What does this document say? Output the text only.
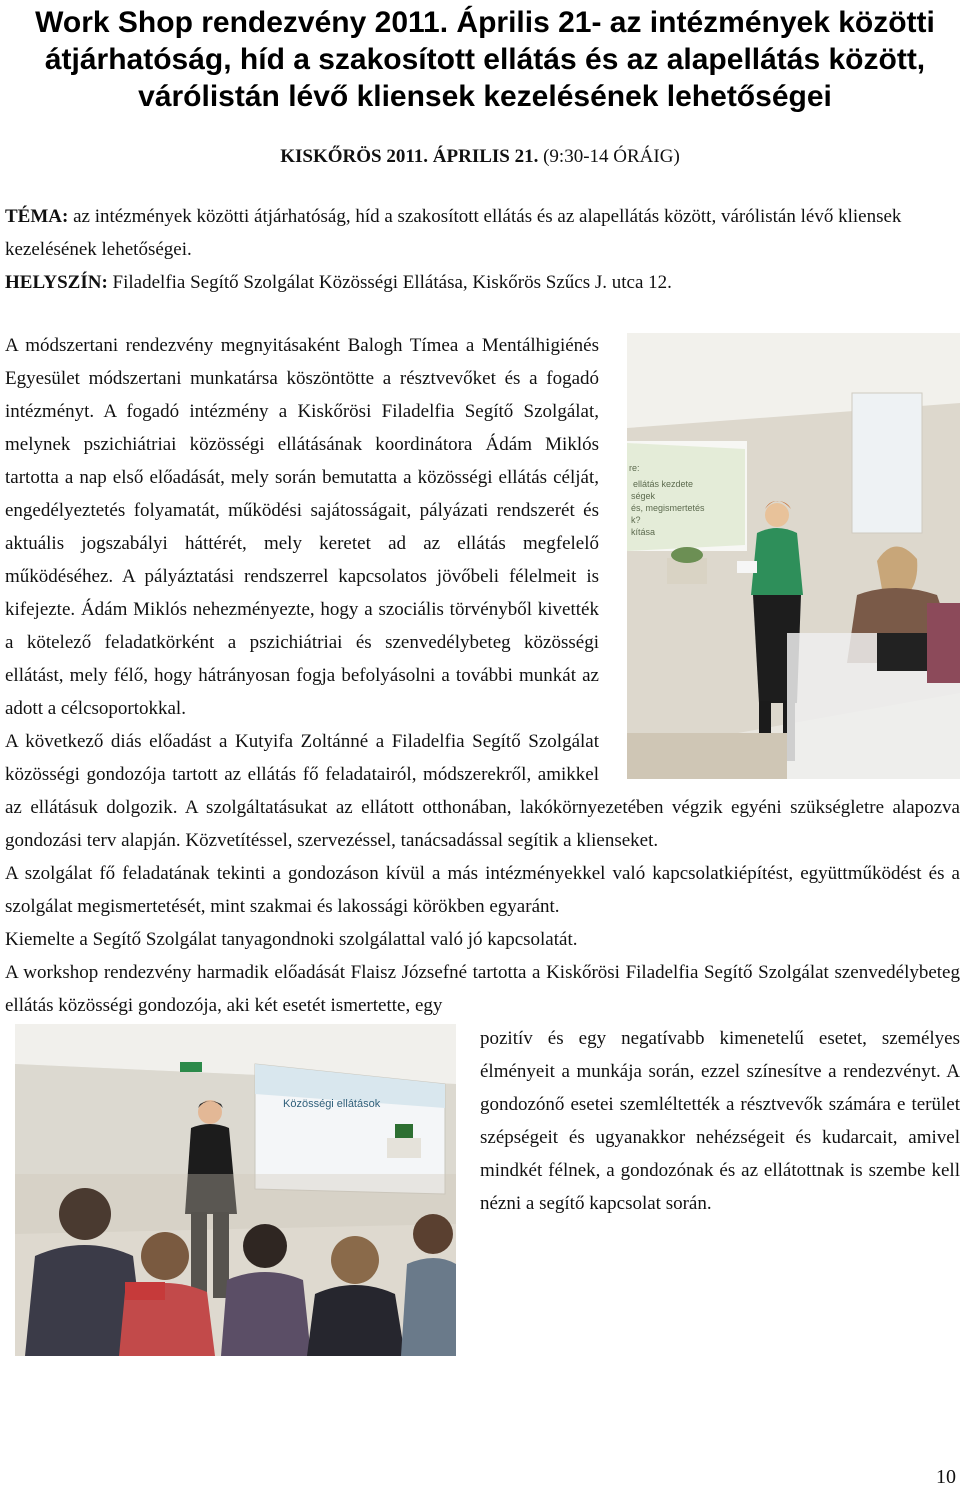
Work Shop rendezvény 2011. Április 21- az intézmények közötti átjárhatóság, híd a szakosított ellátás és az alapellátás között, várólistán lévő kliensek kezelésének lehetőségei
KISKŐRÖS 2011. ÁPRILIS 21. (9:30-14 ÓRÁIG)

TÉMA: az intézmények közötti átjárhatóság, híd a szakosított ellátás és az alapellátás között, várólistán lévő kliensek kezelésének lehetőségei.

HELYSZÍN: Filadelfia Segítő Szolgálat Közösségi Ellátása, Kiskőrös Szűcs J. utca 12.

re:
ellátás kezdete
ségek
és, megismertetés
k?
kítása

A módszertani rendezvény megnyitásaként Balogh Tímea a Mentálhigiénés Egyesület módszertani munkatársa köszöntötte a résztvevőket és a fogadó intézményt. A fogadó intézmény a Kiskőrösi Filadelfia Segítő Szolgálat, melynek pszichiátriai közösségi ellátásának koordinátora Ádám Miklós tartotta a nap első előadását, mely során bemutatta a közösségi ellátás célját, engedélyeztetés folyamatát, működési sajátosságait, pályázati rendszerét és aktuális jogszabályi háttérét, mely keretet ad az ellátás megfelelő működéséhez. A pályáztatási rendszerrel kapcsolatos jövőbeli félelmeit is kifejezte. Ádám Miklós nehezményezte, hogy a szociális törvényből kivették a kötelező feladatkörként a pszichiátriai és szenvedélybeteg közösségi ellátást, mely félő, hogy hátrányosan fogja befolyásolni a további munkát az adott a célcsoportokkal.

A következő diás előadást a Kutyifa Zoltánné a Filadelfia Segítő Szolgálat közösségi gondozója tartott az ellátás fő feladatairól, módszerekről, amikkel az ellátásuk dolgozik. A szolgáltatásukat az ellátott otthonában, lakókörnyezetében végzik egyéni szükségletre alapozva gondozási terv alapján. Közvetítéssel, szervezéssel, tanácsadással segítik a klienseket.

A szolgálat fő feladatának tekinti a gondozáson kívül a más intézményekkel való kapcsolatkiépítést, együttműködést és a szolgálat megismertetését, mint szakmai és lakossági körökben egyaránt.

Kiemelte a Segítő Szolgálat tanyagondnoki szolgálattal való jó kapcsolatát.

A workshop rendezvény harmadik előadását Flaisz Józsefné tartotta a Kiskőrösi Filadelfia Segítő Szolgálat szenvedélybeteg ellátás közösségi gondozója, aki két esetét ismertette, egy

Közösségi ellátások

pozitív és egy negatívabb kimenetelű esetet, személyes élményeit a munkája során, ezzel színesítve a rendezvényt. A gondozónő esetei szemléltették a résztvevők számára e terület szépségeit és ugyanakkor nehézségeit és kudarcait, amivel mindkét félnek, a gondozónak és az ellátottnak is szembe kell nézni a segítő kapcsolat során.

10
